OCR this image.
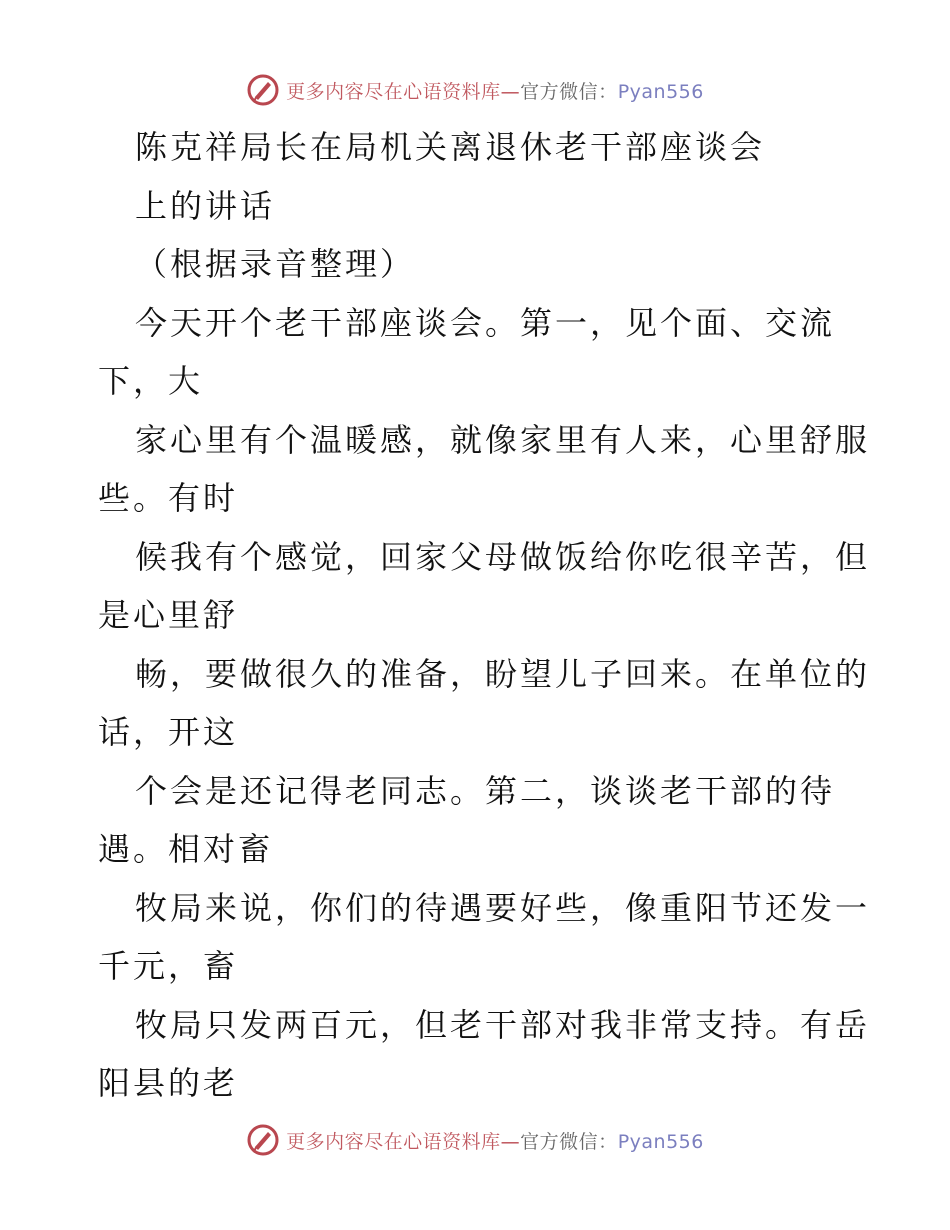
更多内容尽在心语资料库—官方微信：Pyan556
陈克祥局长在局机关离退休老干部座谈会
上的讲话
（根据录音整理）
今天开个老干部座谈会。第一，见个面、交流
下，大
家心里有个温暖感，就像家里有人来，心里舒服
些。有时
候我有个感觉，回家父母做饭给你吃很辛苦，但
是心里舒
畅，要做很久的准备，盼望儿子回来。在单位的
话，开这
个会是还记得老同志。第二，谈谈老干部的待
遇。相对畜
牧局来说，你们的待遇要好些，像重阳节还发一
千元，畜
牧局只发两百元，但老干部对我非常支持。有岳
阳县的老
更多内容尽在心语资料库—官方微信：Pyan556
